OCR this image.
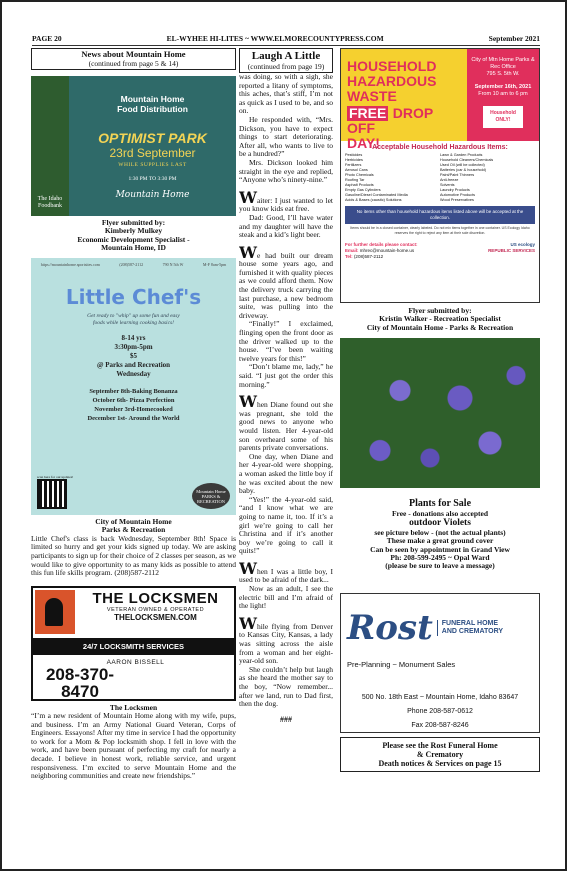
PAGE 20	EL-WYHEE HI-LITES ~ WWW.ELMORECOUNTYPRESS.COM	September 2021
News about Mountain Home
(continued from page 5 & 14)
The Idaho Foodbank
Mountain Home
Food Distribution
OPTIMIST PARK
23rd September
WHILE SUPPLIES LAST
1:30 PM TO 3:30 PM
Mountain Home
Flyer submitted by:
Kimberly Mulkey
Economic Development Specialist -
Mountain Home, ID
https://mountainhome.sportsites.com	(208)587-2112	790 N 5th W	M-F 8am-5pm
Little Chef's
Get ready to "whip" up some fun and easy
foods while learning cooking basics!
8-14 yrs
3:30pm-5pm
$5
@ Parks and Recreation
Wednesday
September 8th-Baking Bonanza
October 6th- Pizza Perfection
November 3rd-Homecooked
December 1st- Around the World
scan here for our updates!
Mountain Home PARKS & RECREATION
City of Mountain Home
Parks & Recreation
Little Chef's class is back Wednesday, September 8th! Space is limited so hurry and get your kids signed up today. We are asking participants to sign up for their choice of 2 classes per season, as we would like to give opportunity to as many kids as possible to attend this fun life skills program. (208)587-2112
THE LOCKSMEN
VETERAN OWNED & OPERATED
THELOCKSMEN.COM
24/7 LOCKSMITH SERVICES
AARON BISSELL
208-370-8470
The Locksmen
“I’m a new resident of Mountain Home along with my wife, pups, and business. I’m an Army National Guard Veteran, Corps of Engineers. Essayons! After my time in service I had the opportunity to work for a Mom & Pop locksmith shop. I fell in love with the work, and have been pursuant of perfecting my craft for nearly a decade. I believe in honest work, reliable service, and urgent responsiveness. I’m excited to serve Mountain Home and the neighboring communities and create new friendships.”
Laugh A Little
(continued from page 19)
was doing, so with a sigh, she reported a litany of symptoms, this aches, that’s stiff, I’m not as quick as I used to be, and so on.
He responded with, “Mrs. Dickson, you have to expect things to start deteriorating. After all, who wants to live to be a hundred?”
Mrs. Dickson looked him straight in the eye and replied, “Anyone who’s ninety-nine.”
Waiter: I just wanted to let you know kids eat free.
Dad: Good, I’ll have water and my daughter will have the steak and a kid’s light beer.
We had built our dream house some years ago, and furnished it with quality pieces as we could afford them. Now the delivery truck carrying the last purchase, a new bedroom suite, was pulling into the driveway.
“Finally!” I exclaimed, flinging open the front door as the driver walked up to the house. “I’ve been waiting twelve years for this!”
“Don’t blame me, lady,” he said. “I just got the order this morning.”
When Diane found out she was pregnant, she told the good news to anyone who would listen. Her 4-year-old son overheard some of his parents private conversations.
One day, when Diane and her 4-year-old were shopping, a woman asked the little boy if he was excited about the new baby.
“Yes!” the 4-year-old said, “and I know what we are going to name it, too. If it’s a girl we’re going to call her Christina and if it’s another boy we’re going to call it quits!”
When I was a little boy, I used to be afraid of the dark...
Now as an adult, I see the electric bill and I’m afraid of the light!
While flying from Denver to Kansas City, Kansas, a lady was sitting across the aisle from a woman and her eight-year-old son.
She couldn’t help but laugh as she heard the mother say to the boy, “Now remember... after we land, run to Dad first, then the dog.
###
HOUSEHOLD
HAZARDOUS
WASTE
FREE DROP OFF
DAY!
City of Mtn Home Parks & Rec Office
795 S. 5th W.
September 16th, 2021
From 10 am to 6 pm
Household ONLY!
Acceptable Household Hazardous Items:
Pesticides
Herbicides
Fertilizers
Aerosol Cans
Photo Chemicals
Roofing Tar
Asphalt Products
Empty Gas Cylinders
Gasoline/Diesel Contaminated Media
Acids & Bases (caustic) Solutions
Lawn & Garden Products
Household Cleaners/Chemicals
Used Oil (will be collected)
Batteries (car & household)
Paint/Paint Thinners
Anti-freeze
Solvents
Laundry Products
Automotive Products
Wood Preservatives
No items other than household hazardous items listed above will be accepted at the collection.
Items should be in a closed container, clearly labeled. Do not mix items together in one container. US Ecology Idaho reserves the right to reject any item at their sole discretion.
For further details please contact:
Email: mhrec@mountain-home.us
Tel: (208)587-2112
US ecology
REPUBLIC SERVICES
Flyer submitted by:
Kristin Walker - Recreation Specialist
City of Mountain Home - Parks & Recreation
Plants for Sale
Free - donations also accepted
outdoor Violets
see picture below - (not the actual plants)
These make a great ground cover
Can be seen by appointment in Grand View
Ph: 208-599-2495 ~ Opal Ward
(please be sure to leave a message)
Rost FUNERAL HOME
AND CREMATORY
Pre-Planning ~ Monument Sales
500 No. 18th East ~ Mountain Home, Idaho 83647
Phone 208-587-0612
Fax 208-587-8246
Please see the Rost Funeral Home
& Crematory
Death notices & Services on page 15
